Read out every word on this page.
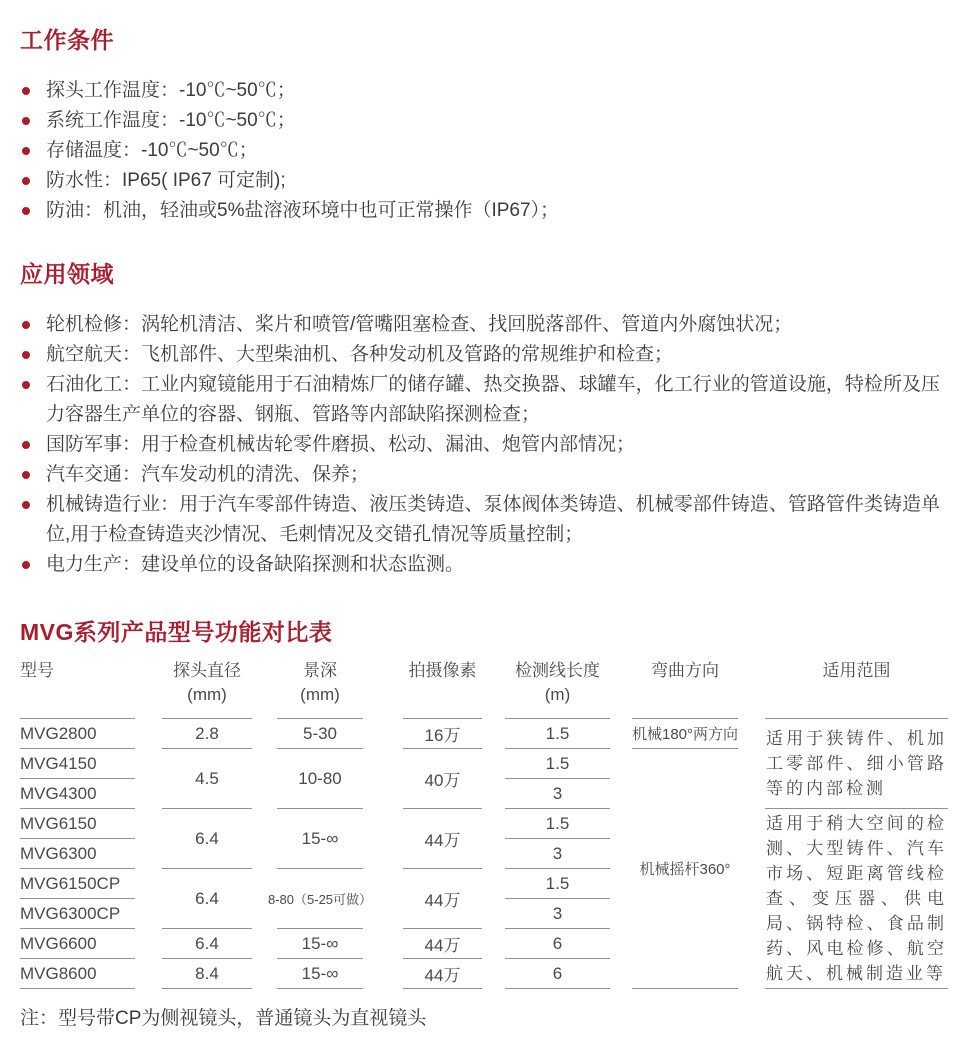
工作条件
探头工作温度：-10℃~50℃；
系统工作温度：-10℃~50℃；
存储温度：-10℃~50℃；
防水性：IP65( IP67 可定制);
防油：机油，轻油或5%盐溶液环境中也可正常操作（IP67）；
应用领域
轮机检修：涡轮机清洁、桨片和喷管/管嘴阻塞检查、找回脱落部件、管道内外腐蚀状况；
航空航天：飞机部件、大型柴油机、各种发动机及管路的常规维护和检查；
石油化工：工业内窥镜能用于石油精炼厂的储存罐、热交换器、球罐车，化工行业的管道设施，特检所及压力容器生产单位的容器、钢瓶、管路等内部缺陷探测检查；
国防军事：用于检查机械齿轮零件磨损、松动、漏油、炮管内部情况；
汽车交通：汽车发动机的清洗、保养；
机械铸造行业：用于汽车零部件铸造、液压类铸造、泵体阀体类铸造、机械零部件铸造、管路管件类铸造单位,用于检查铸造夹沙情况、毛刺情况及交错孔情况等质量控制；
电力生产：建设单位的设备缺陷探测和状态监测。
MVG系列产品型号功能对比表
型号	探头直径
(mm)
景深
(mm)
拍摄像素 检测线长度
(m)
弯曲方向	适用范围
MVG2800
MVG4150
MVG4300
MVG6150
MVG6300
MVG6150CP
MVG6300CP
MVG6600
MVG8600
2.8
4.5
6.4
6.4
6.4
8.4
5-30
10-80
15-∞
8-80（5-25可做）
15-∞
15-∞
16万
40万
44万
44万
44万
44万
1.5
1.5
3
1.5
3
1.5
3
6
6
机械180°两方向
机械摇杆360°
适用于狭铸件、机加工零部件、细小管路等的内部检测
适用于稍大空间的检测、大型铸件、汽车市场、短距离管线检查、变压器、供电局、锅特检、食品制药、风电检修、航空航天、机械制造业等

注：型号带CP为侧视镜头，普通镜头为直视镜头
